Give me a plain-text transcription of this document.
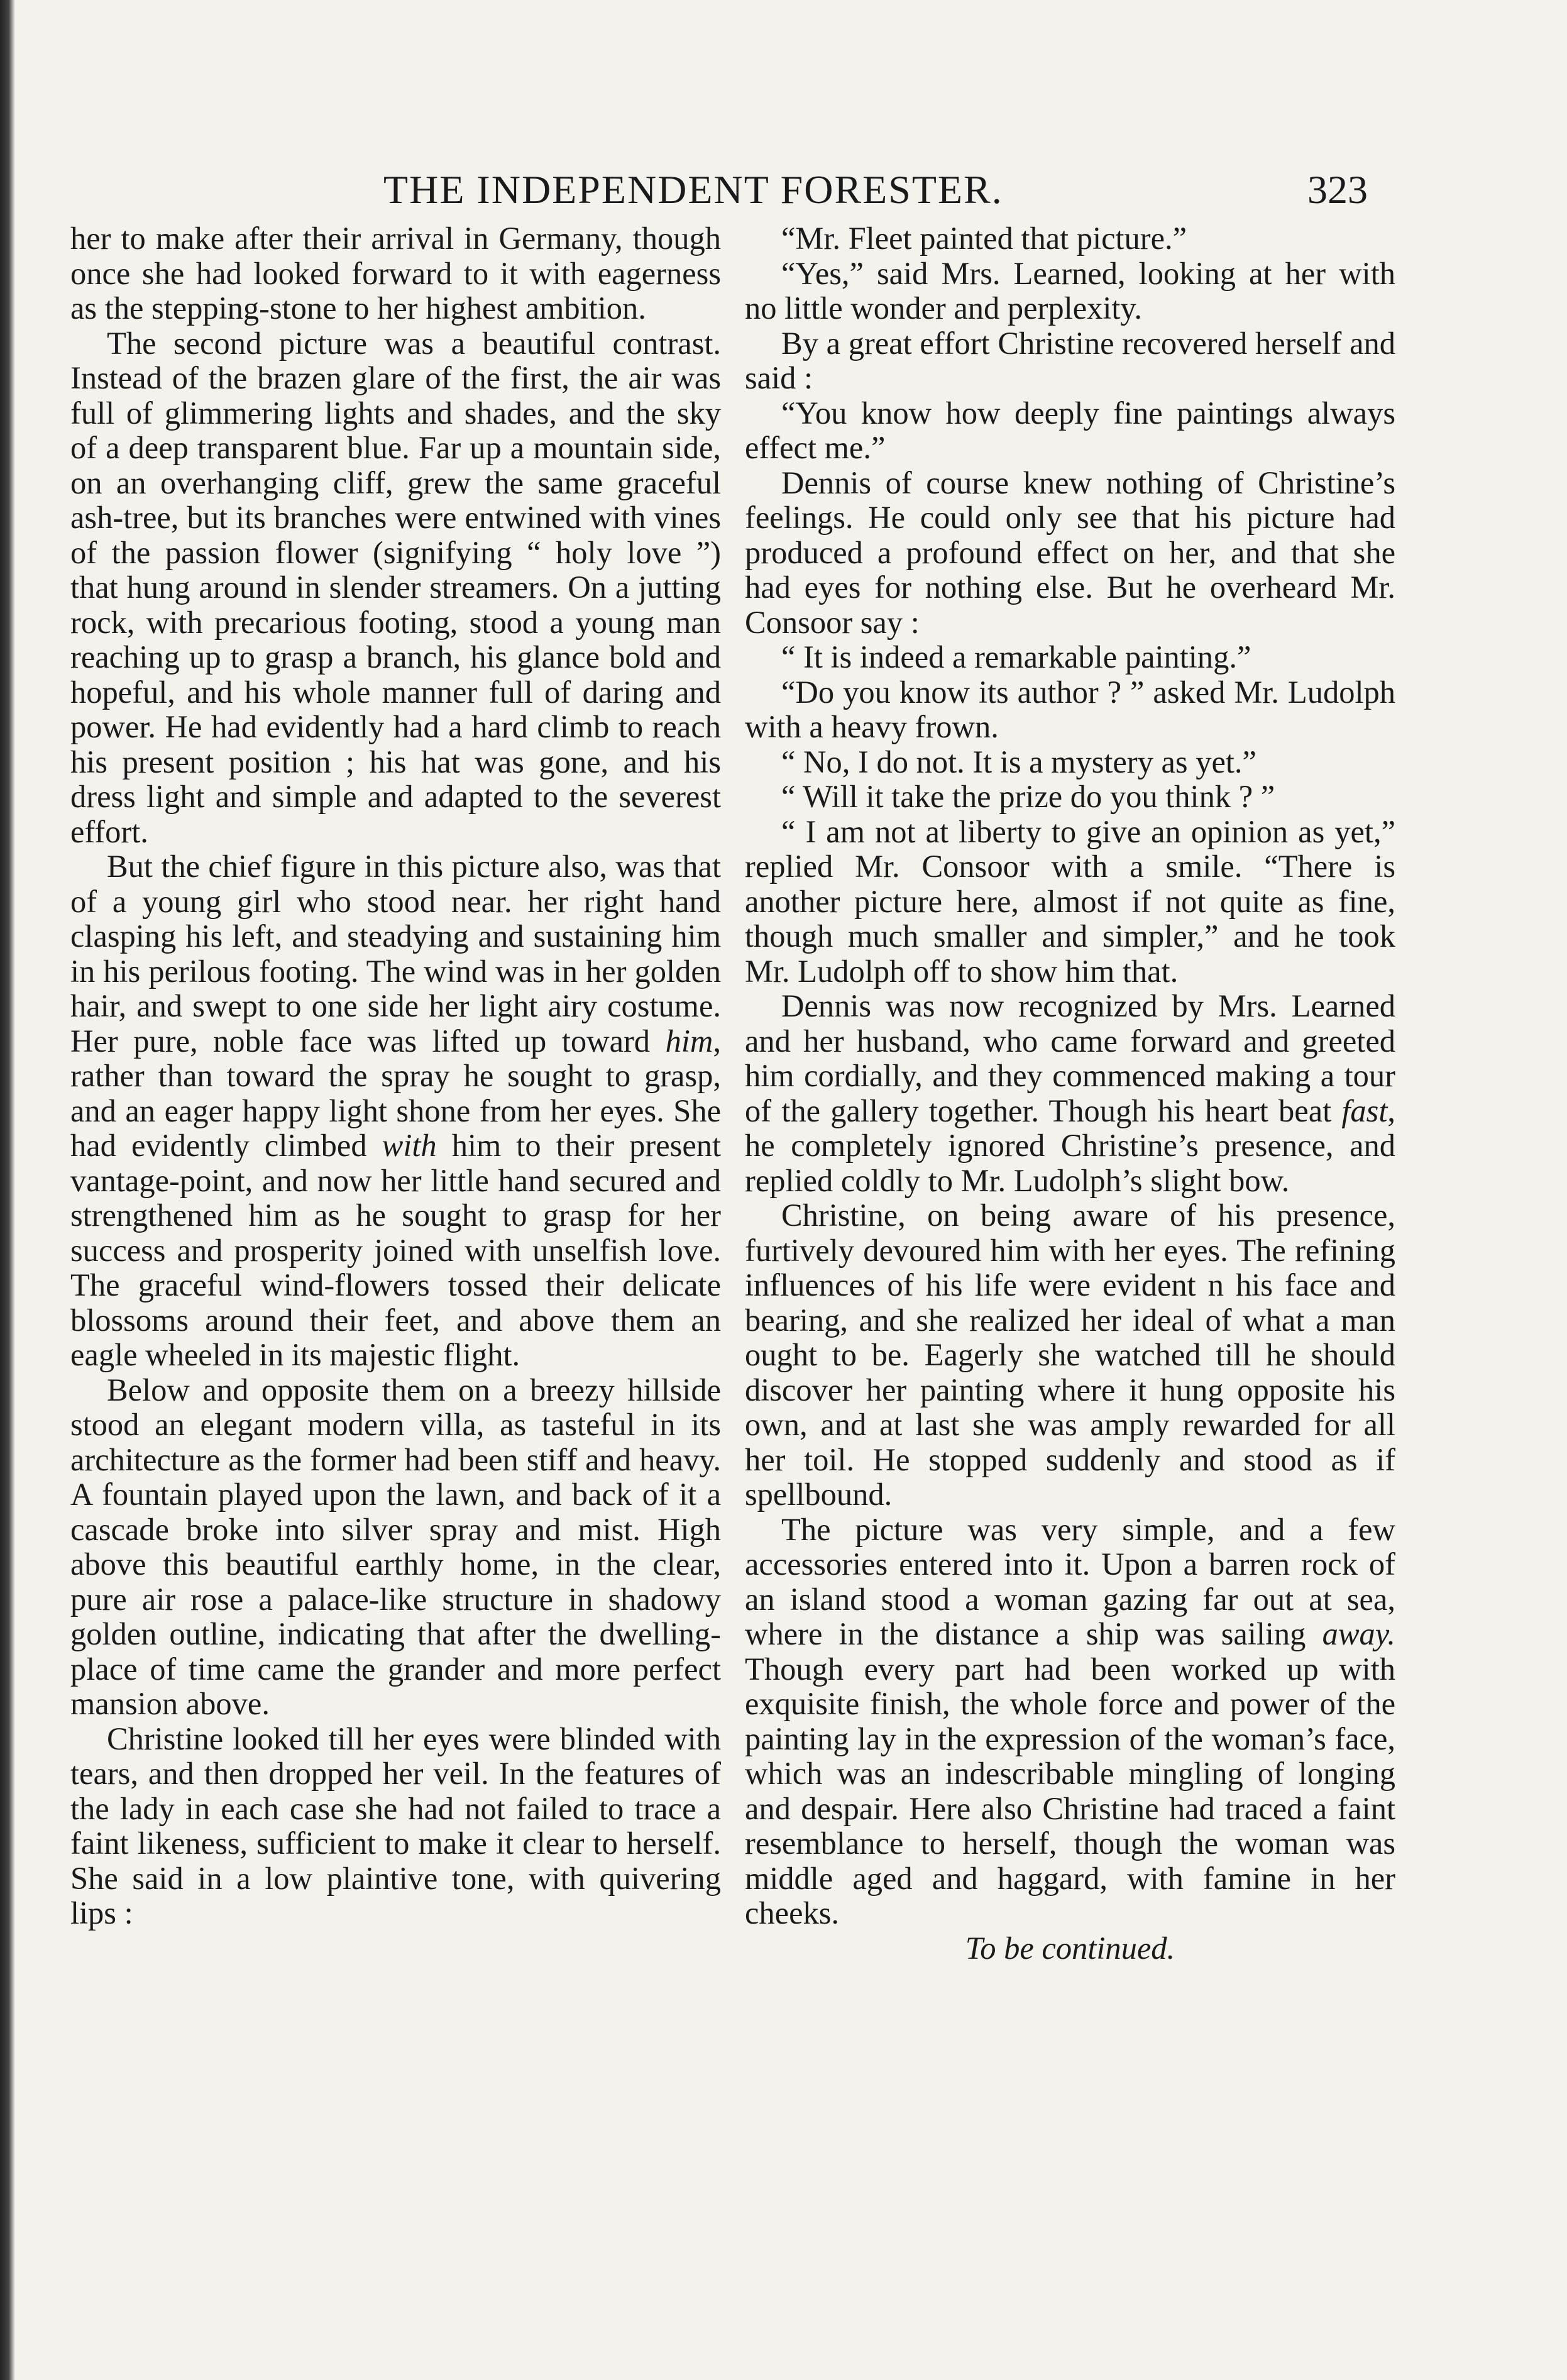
THE INDEPENDENT FORESTER.	323

her to make after their arrival in Germany, though once she had looked forward to it with eagerness as the stepping-stone to her highest ambition.

The second picture was a beautiful contrast. Instead of the brazen glare of the first, the air was full of glimmering lights and shades, and the sky of a deep transparent blue. Far up a mountain side, on an overhanging cliff, grew the same graceful ash-tree, but its branches were entwined with vines of the passion flower (signifying “ holy love ”) that hung around in slender streamers. On a jutting rock, with precarious footing, stood a young man reaching up to grasp a branch, his glance bold and hopeful, and his whole manner full of daring and power. He had evidently had a hard climb to reach his present position ; his hat was gone, and his dress light and simple and adapted to the severest effort.

But the chief figure in this picture also, was that of a young girl who stood near. her right hand clasping his left, and steadying and sustaining him in his perilous footing. The wind was in her golden hair, and swept to one side her light airy costume. Her pure, noble face was lifted up toward him, rather than toward the spray he sought to grasp, and an eager happy light shone from her eyes. She had evidently climbed with him to their present vantage-point, and now her little hand secured and strengthened him as he sought to grasp for her success and prosperity joined with unselfish love. The graceful wind-flowers tossed their delicate blossoms around their feet, and above them an eagle wheeled in its majestic flight.

Below and opposite them on a breezy hillside stood an elegant modern villa, as tasteful in its architecture as the former had been stiff and heavy. A fountain played upon the lawn, and back of it a cascade broke into silver spray and mist. High above this beautiful earthly home, in the clear, pure air rose a palace-like structure in shadowy golden outline, indicating that after the dwelling-place of time came the grander and more perfect mansion above.

Christine looked till her eyes were blinded with tears, and then dropped her veil. In the features of the lady in each case she had not failed to trace a faint likeness, sufficient to make it clear to herself. She said in a low plaintive tone, with quivering lips :

“Mr. Fleet painted that picture.”

“Yes,” said Mrs. Learned, looking at her with no little wonder and perplexity.

By a great effort Christine recovered herself and said :

“You know how deeply fine paintings always effect me.”

Dennis of course knew nothing of Christine’s feelings. He could only see that his picture had produced a profound effect on her, and that she had eyes for nothing else. But he overheard Mr. Consoor say :

“ It is indeed a remarkable painting.”

“Do you know its author ? ” asked Mr. Ludolph with a heavy frown.

“ No, I do not. It is a mystery as yet.”

“ Will it take the prize do you think ? ”

“ I am not at liberty to give an opinion as yet,” replied Mr. Consoor with a smile. “There is another picture here, almost if not quite as fine, though much smaller and simpler,” and he took Mr. Ludolph off to show him that.

Dennis was now recognized by Mrs. Learned and her husband, who came forward and greeted him cordially, and they commenced making a tour of the gallery together. Though his heart beat fast, he completely ignored Christine’s presence, and replied coldly to Mr. Ludolph’s slight bow.

Christine, on being aware of his presence, furtively devoured him with her eyes. The refining influences of his life were evident n his face and bearing, and she realized her ideal of what a man ought to be. Eagerly she watched till he should discover her painting where it hung opposite his own, and at last she was amply rewarded for all her toil. He stopped suddenly and stood as if spellbound.

The picture was very simple, and a few accessories entered into it. Upon a barren rock of an island stood a woman gazing far out at sea, where in the distance a ship was sailing away. Though every part had been worked up with exquisite finish, the whole force and power of the painting lay in the expression of the woman’s face, which was an indescribable mingling of longing and despair. Here also Christine had traced a faint resemblance to herself, though the woman was middle aged and haggard, with famine in her cheeks.

To be continued.
